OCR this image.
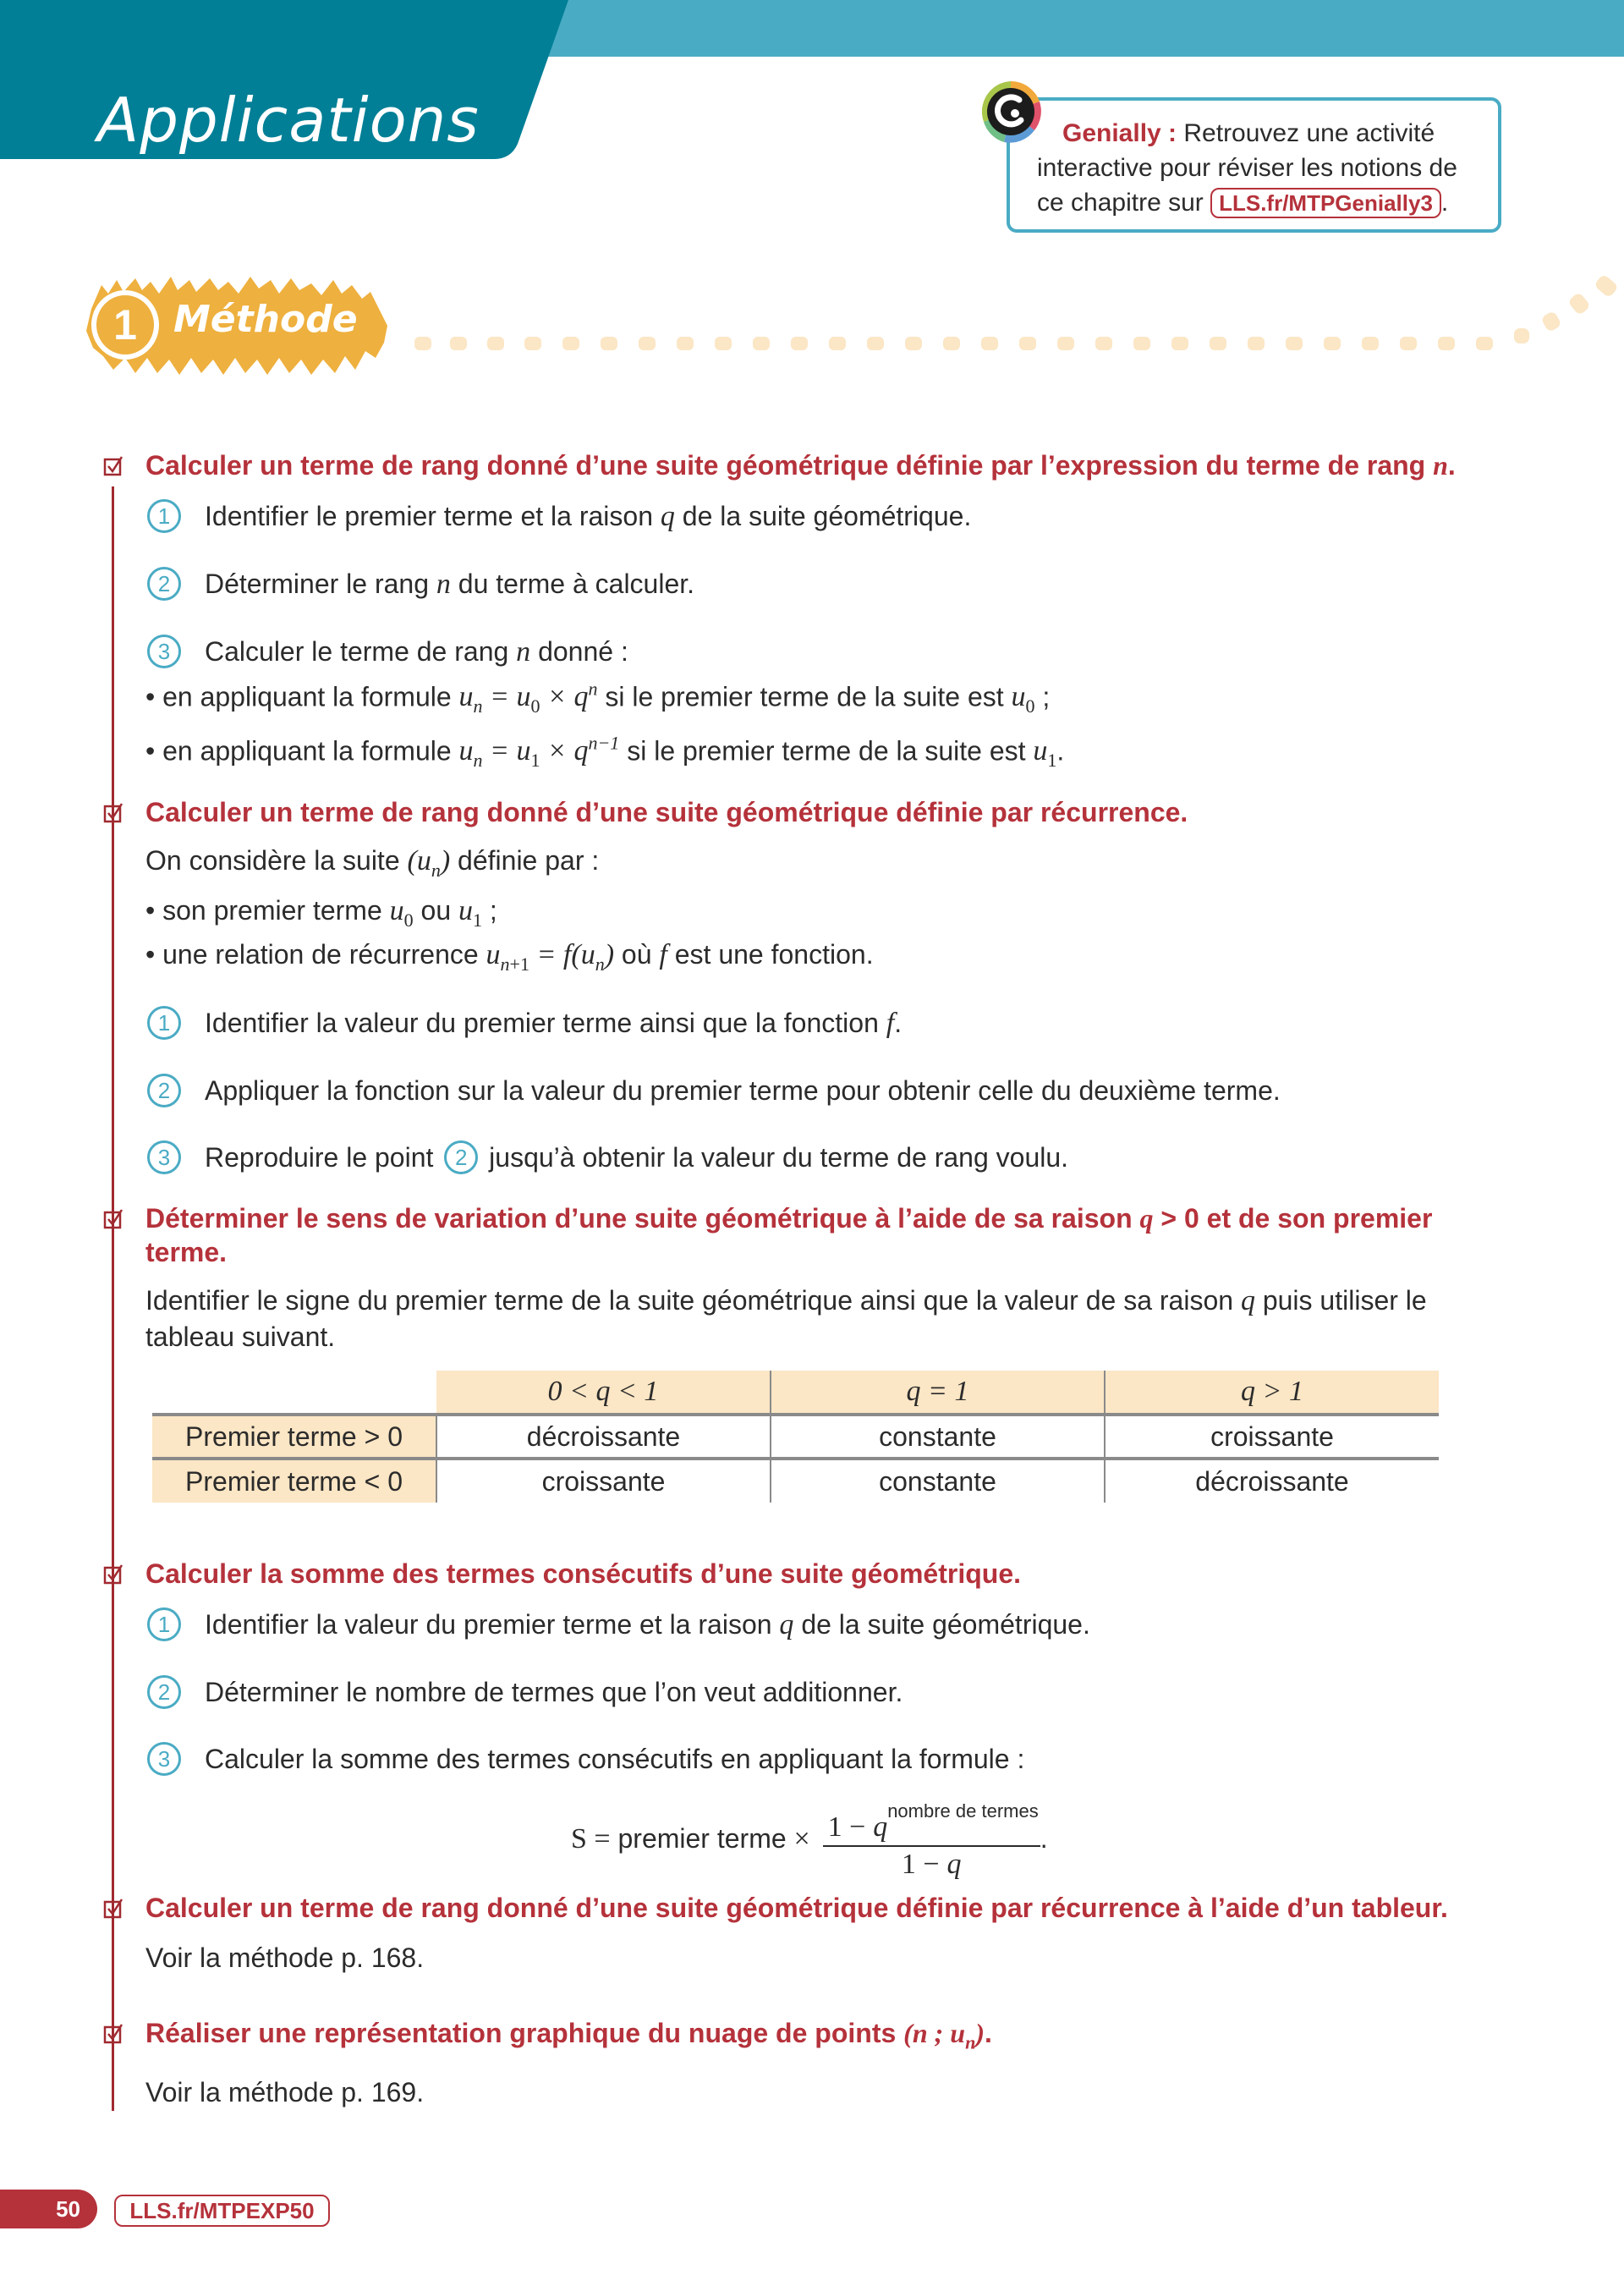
Applications	Genially : Retrouvez une activité interactive pour réviser les notions de ce chapitre sur LLS.fr/MTPGenially3 .
1 Méthode
Calculer un terme de rang donné d’une suite géométrique définie par l’expression du terme de rang n.
1	Identifier le premier terme et la raison q de la suite géométrique.
2	Déterminer le rang n du terme à calculer.
3	Calculer le terme de rang n donné :
• en appliquant la formule $u_n = u_0 \times q^n$ si le premier terme de la suite est $u_0$ ;
• en appliquant la formule $u_n = u_1 \times q^{n-1}$ si le premier terme de la suite est $u_1$.
Calculer un terme de rang donné d’une suite géométrique définie par récurrence.
On considère la suite $(u_n)$ définie par :
• son premier terme $u_0$ ou $u_1$ ;
• une relation de récurrence $u_{n+1} = f(u_n)$ où f est une fonction.
1	Identifier la valeur du premier terme ainsi que la fonction f.
2	Appliquer la fonction sur la valeur du premier terme pour obtenir celle du deuxième terme.
3	Reproduire le point 2 jusqu’à obtenir la valeur du terme de rang voulu.
Déterminer le sens de variation d’une suite géométrique à l’aide de sa raison q > 0 et de son premier terme.
Identifier le signe du premier terme de la suite géométrique ainsi que la valeur de sa raison q puis utiliser le tableau suivant.
	0 < q < 1	q = 1	q > 1
Premier terme > 0	décroissante	constante	croissante
Premier terme < 0	croissante	constante	décroissante
Calculer la somme des termes consécutifs d’une suite géométrique.
1	Identifier la valeur du premier terme et la raison q de la suite géométrique.
2	Déterminer le nombre de termes que l’on veut additionner.
3	Calculer la somme des termes consécutifs en appliquant la formule :
S = premier terme × $\frac{1 - q^{nombre de termes}}{1 - q}$ .
Calculer un terme de rang donné d’une suite géométrique définie par récurrence à l’aide d’un tableur.
Voir la méthode p. 168.
Réaliser une représentation graphique du nuage de points (n ; $u_n$).
Voir la méthode p. 169.
50	LLS.fr/MTPEXP50
